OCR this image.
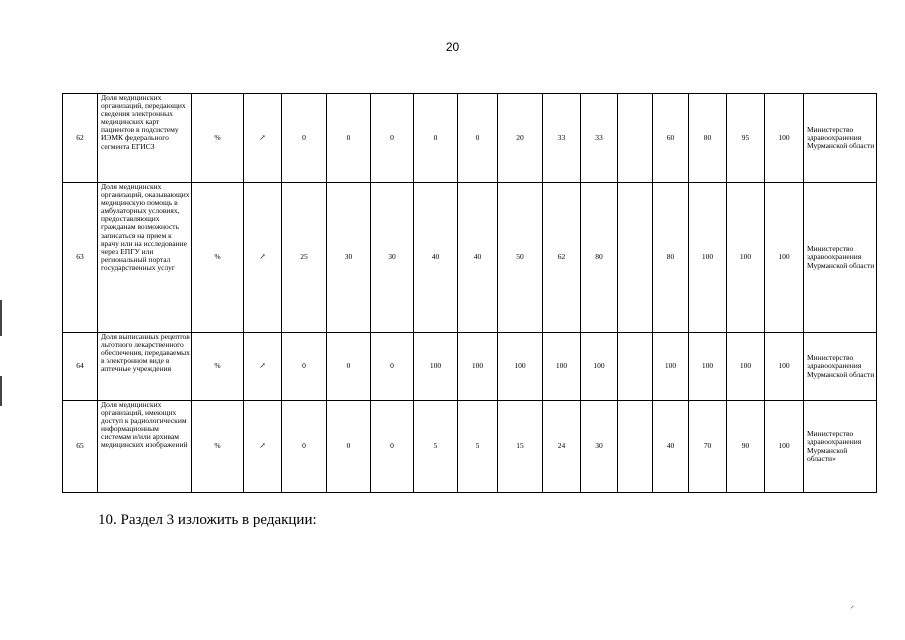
20
62	Доля медицинских организаций, передающих сведения электронных медицинских карт пациентов в подсистему ИЭМК федерального сегмента ЕГИСЗ	%	↗	0	0	0	0	0	20	33	33		60	80	95	100	Министерство здравоохранения Мурманской области
63	Доля медицинских организаций, оказывающих медицинскую помощь в амбулаторных условиях, предоставляющих гражданам возможность записаться на прием к врачу или на исследование через ЕПГУ или региональный портал государственных услуг	%	↗	25	30	30	40	40	50	62	80		80	100	100	100	Министерство здравоохранения Мурманской области
64	Доля выписанных рецептов льготного лекарственного обеспечения, передаваемых в электронном виде в аптечные учреждения	%	↗	0	0	0	100	100	100	100	100		100	100	100	100	Министерство здравоохранения Мурманской области
65	Доля медицинских организаций, имеющих доступ к радиологическим информационным системам и/или архивам медицинских изображений	%	↗	0	0	0	5	5	15	24	30		40	70	90	100	Министерство здравоохранения Мурманской области»
10. Раздел 3 изложить в редакции:
⸝
